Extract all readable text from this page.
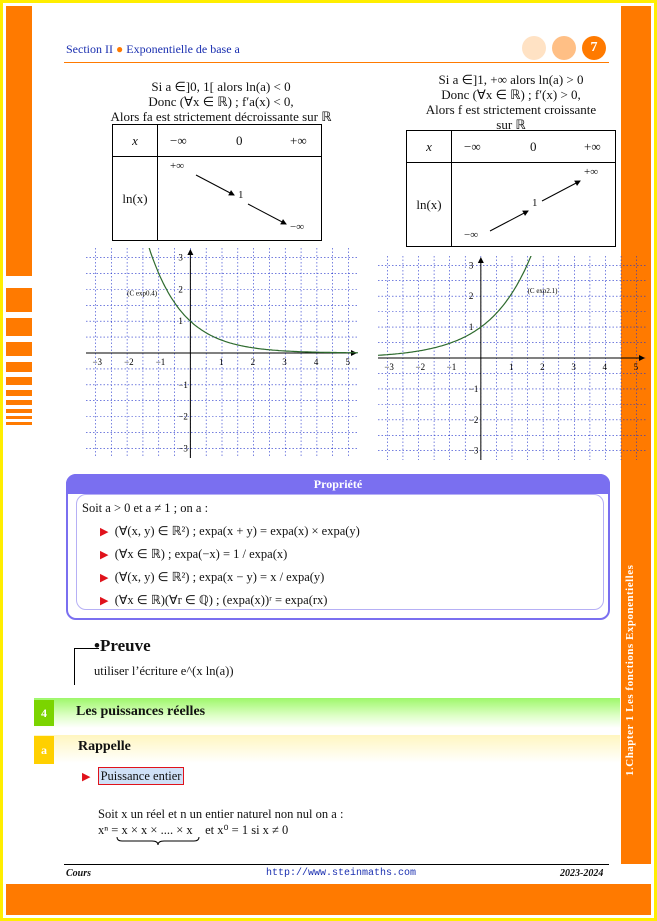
1.Chapter 1 Les fonctions Exponentielles
Section II ● Exponentielle de base a	7
Si a ∈]0, 1[ alors ln(a) < 0
Donc (∀x ∈ ℝ) ; f′a(x) < 0,
Alors fa est strictement décroissante sur ℝ
x	−∞ 0 +∞

ln(x)	+∞
1
−∞
Si a ∈]1, +∞ alors ln(a) > 0
Donc (∀x ∈ ℝ) ; f′(x) > 0,
Alors f est strictement croissante
sur ℝ
x	−∞ 0 +∞

ln(x)	+∞
1
−∞
−3 −2 −1	1	2	3	4	5
3
2
1
−1
−2
−3
(C exp0.4)
−3 −2 −1	1	2	3	4	5
3
2
1
−1
−2
−3
(C exp2.1)
Propriété
Soit a > 0 et a ≠ 1 ; on a :
▶ (∀(x, y) ∈ ℝ²) ; expa(x + y) = expa(x) × expa(y)
▶ (∀x ∈ ℝ) ; expa(−x) = 1 / expa(x)
▶ (∀(x, y) ∈ ℝ²) ; expa(x − y) = x / expa(y)
▶ (∀x ∈ ℝ)(∀r ∈ ℚ) ; (expa(x))ʳ = expa(rx)
•Preuve
utiliser l’écriture e^(x ln(a))
4	Les puissances réelles
a	Rappelle
▶ Puissance entier
Soit x un réel et n un entier naturel non nul on a :
xⁿ = x × x × .... × x    et x⁰ = 1 si x ≠ 0
Cours	http://www.steinmaths.com	2023-2024
